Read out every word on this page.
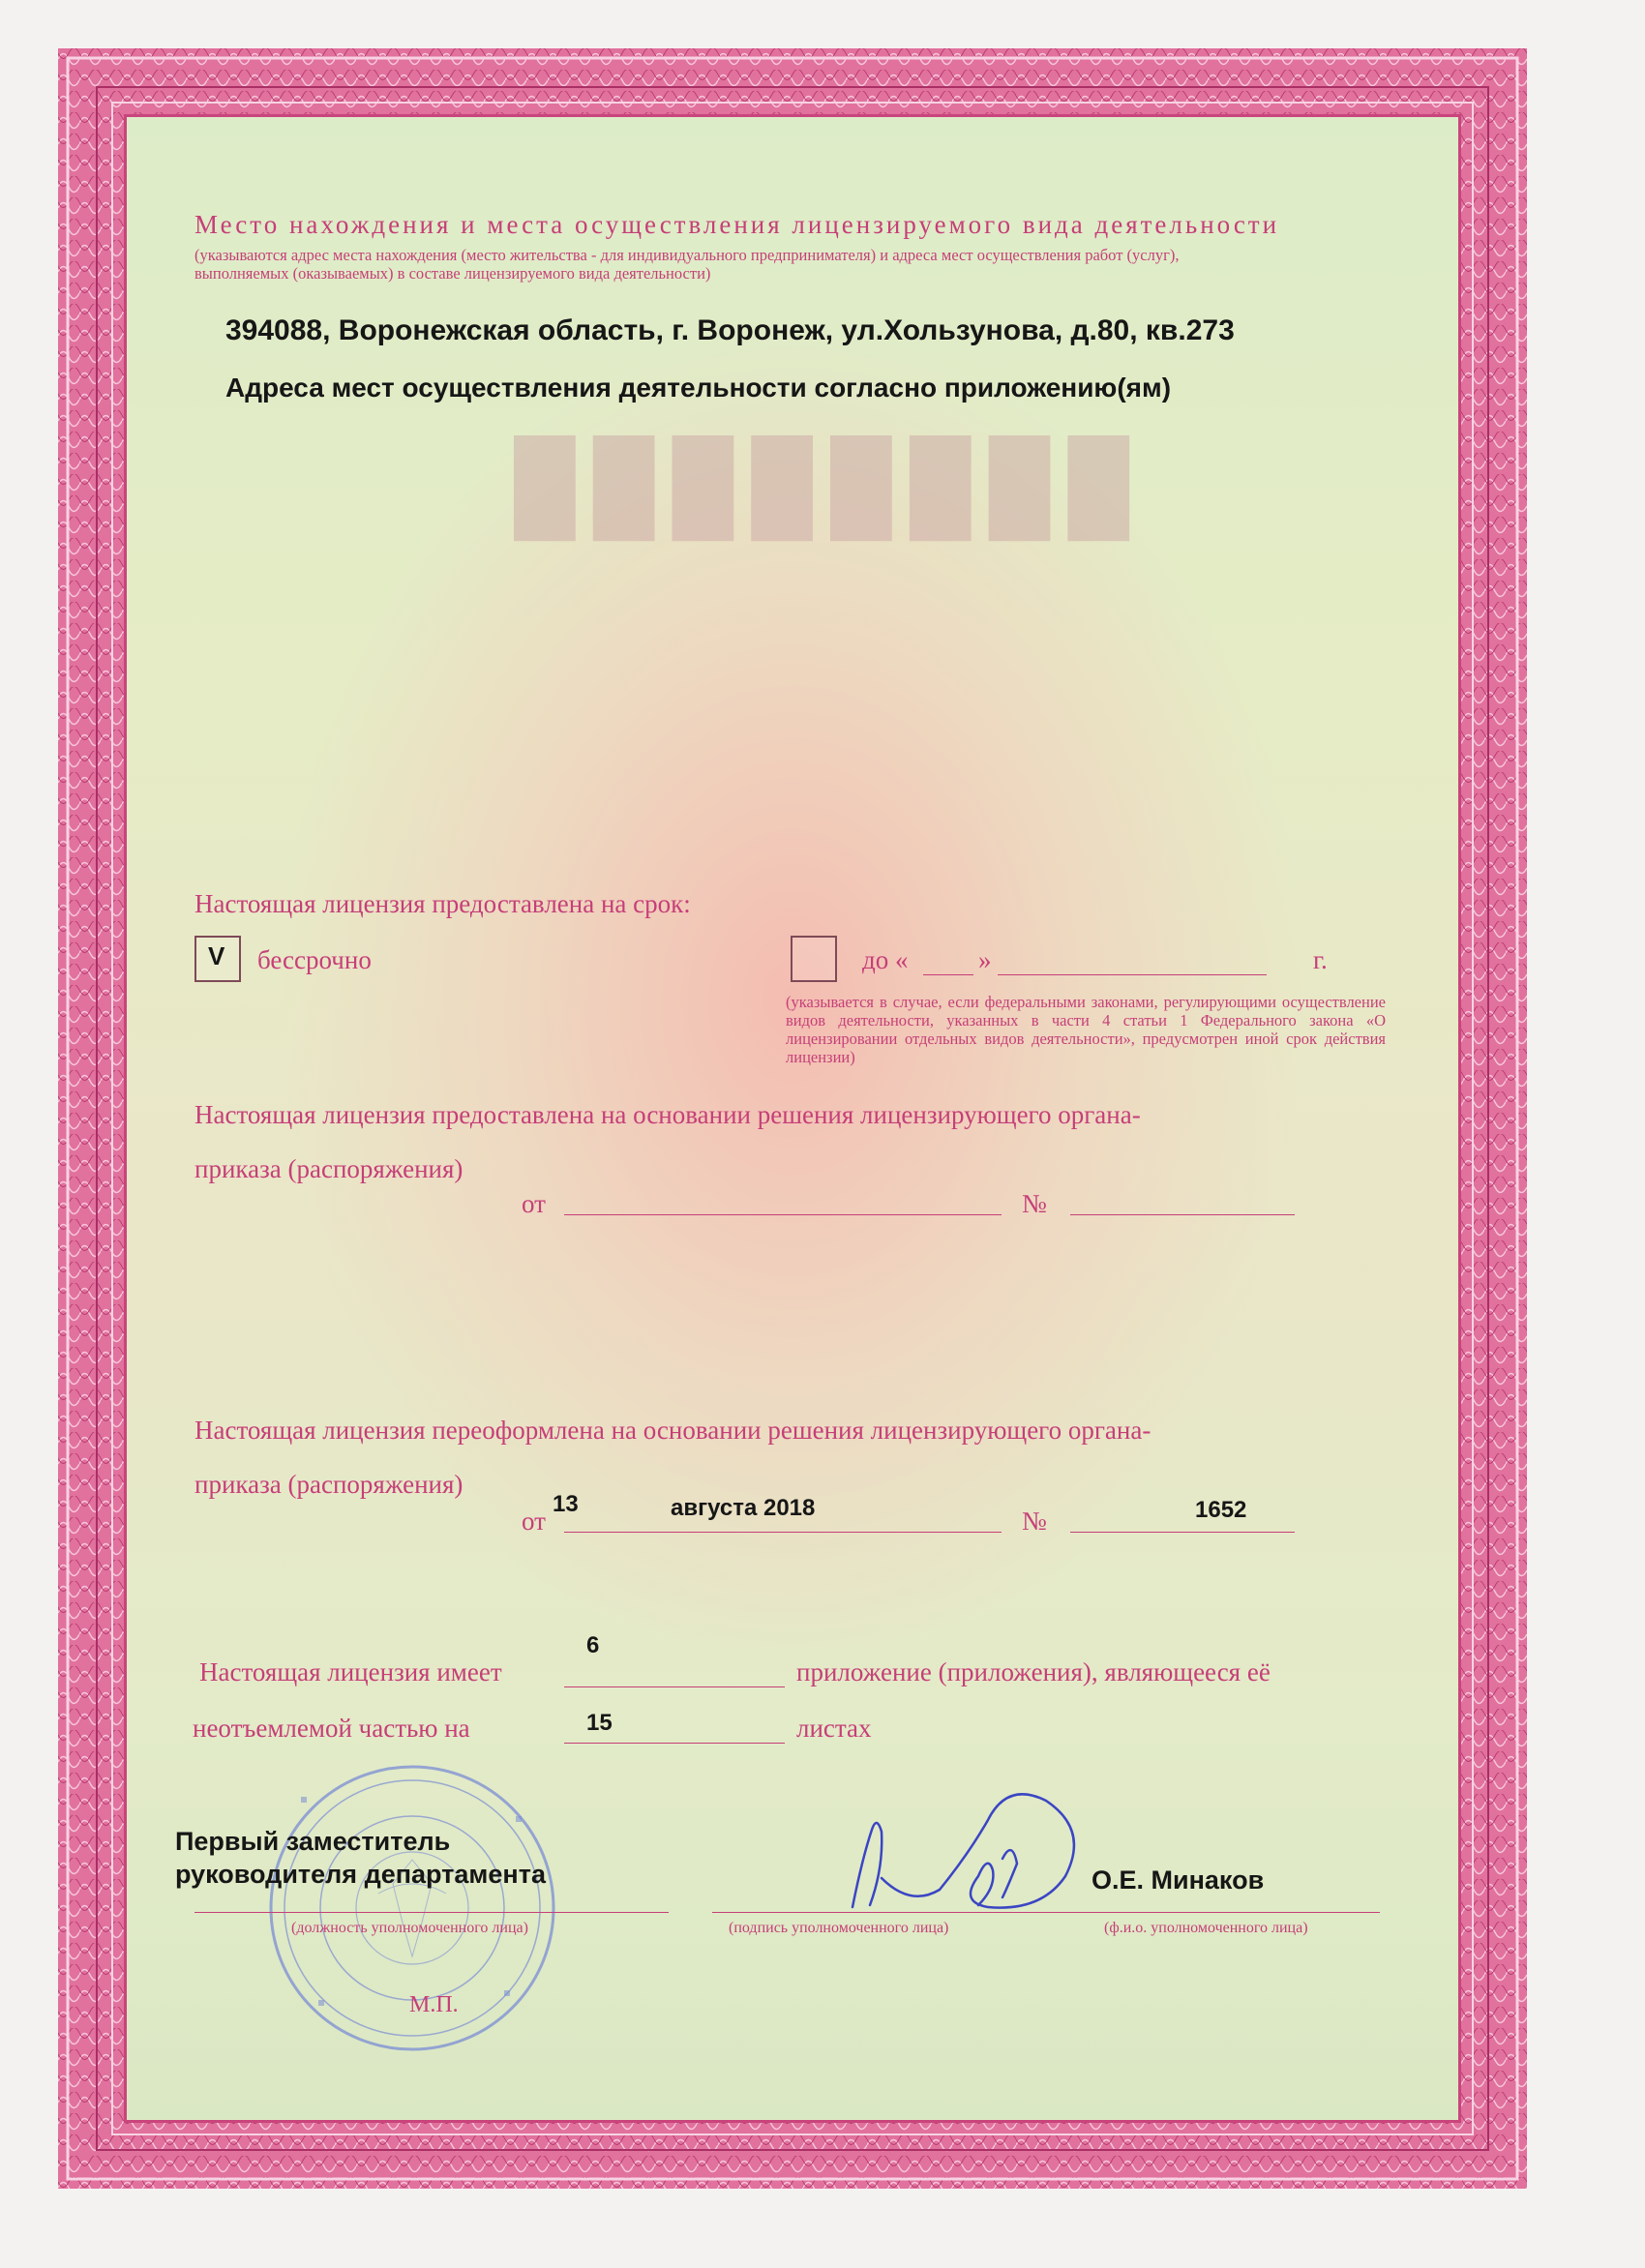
████████
Место нахождения и места осуществления лицензируемого вида деятельности
(указываются адрес места нахождения (место жительства - для индивидуального предпринимателя) и адреса мест осуществления работ (услуг),
выполняемых (оказываемых) в составе лицензируемого вида деятельности)
394088, Воронежская область, г. Воронеж, ул.Хользунова, д.80, кв.273
Адреса мест осуществления деятельности согласно приложению(ям)
Настоящая лицензия предоставлена на срок:
V бессрочно	до «	»	г.
(указывается в случае, если федеральными законами, регулирующими осуществление видов деятельности, указанных в части 4 статьи 1 Федерального закона «О лицензировании отдельных видов деятельности», предусмотрен иной срок действия лицензии)
Настоящая лицензия предоставлена на основании решения лицензирующего органа-
приказа (распоряжения)
от	№
Настоящая лицензия переоформлена на основании решения лицензирующего органа-
приказа (распоряжения)
от
13	августа 2018	№	1652
Настоящая лицензия имеет
6
приложение (приложения), являющееся её
неотъемлемой частью на	15	листах
Первый заместитель
руководителя департамента
(должность уполномоченного лица)	(подпись уполномоченного лица)
О.Е. Минаков
(ф.и.о. уполномоченного лица)
М.П.
